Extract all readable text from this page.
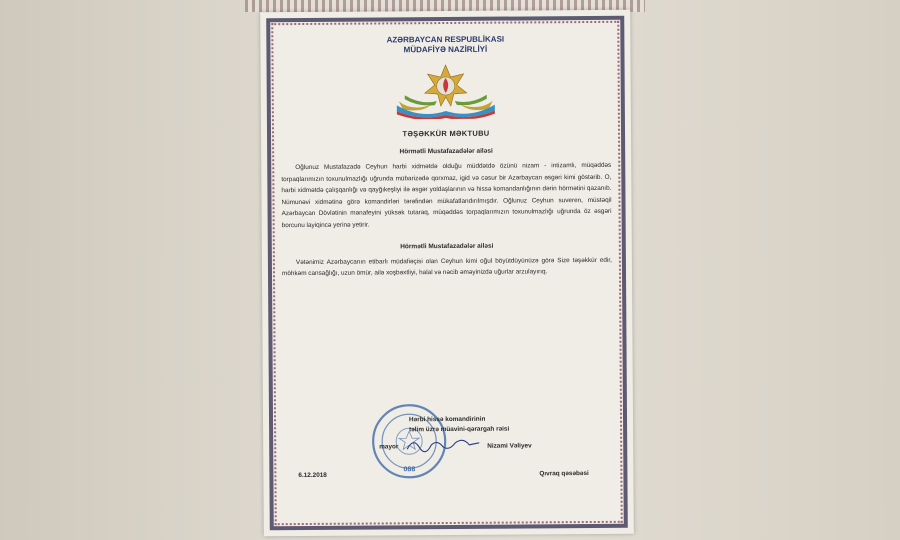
AZƏRBAYCAN RESPUBLİKASI
MÜDAFİYƏ NAZİRLİYİ
TƏŞƏKKÜR MƏKTUBU
Hörmətli Mustafazadələr ailəsi
Oğlunuz Mustafazadə Ceyhun harbi xidmətdə olduğu müddətdə özünü nizam - intizamlı, müqəddəs torpaqlarımızın toxunulmazlığı uğrunda mübarizədə qorxmaz, igid və cəsur bir Azərbaycan əsgəri kimi göstərib. O, harbi xidmətdə çalışqanlığı və qayğıkeşliyi ilə əsgər yoldaşlarının və hissə komandanlığının dərin hörmətini qazanıb. Nümunəvi xidmətinə görə komandirləri tərəfindən mükafatlandırılmışdır. Oğlunuz Ceyhun suveren, müstəqil Azərbaycan Dövlətinin mənafeyini yüksək tutaraq, müqəddəs torpaqlarımızın toxunulmazlığı uğrunda öz əsgəri borcunu layiqincə yerinə yetirir.
Hörmətli Mustafazadələr ailəsi
Vətənimiz Azərbaycanın etibarlı müdafiəçisi olan Ceyhun kimi oğul böyütdüyünüzə görə Size təşəkkür edir, möhkəm cansağlığı, uzun ömür, ailə xoşbəxtliyi, halal və nəcib əməyinizdə uğurlar arzulayırıq.
088
Hərbi hissə komandirinin
təlim üzrə müavini-qərargah rəisi
mayor	Nizami Vəliyev
6.12.2018	Qıvraq qəsəbəsi
